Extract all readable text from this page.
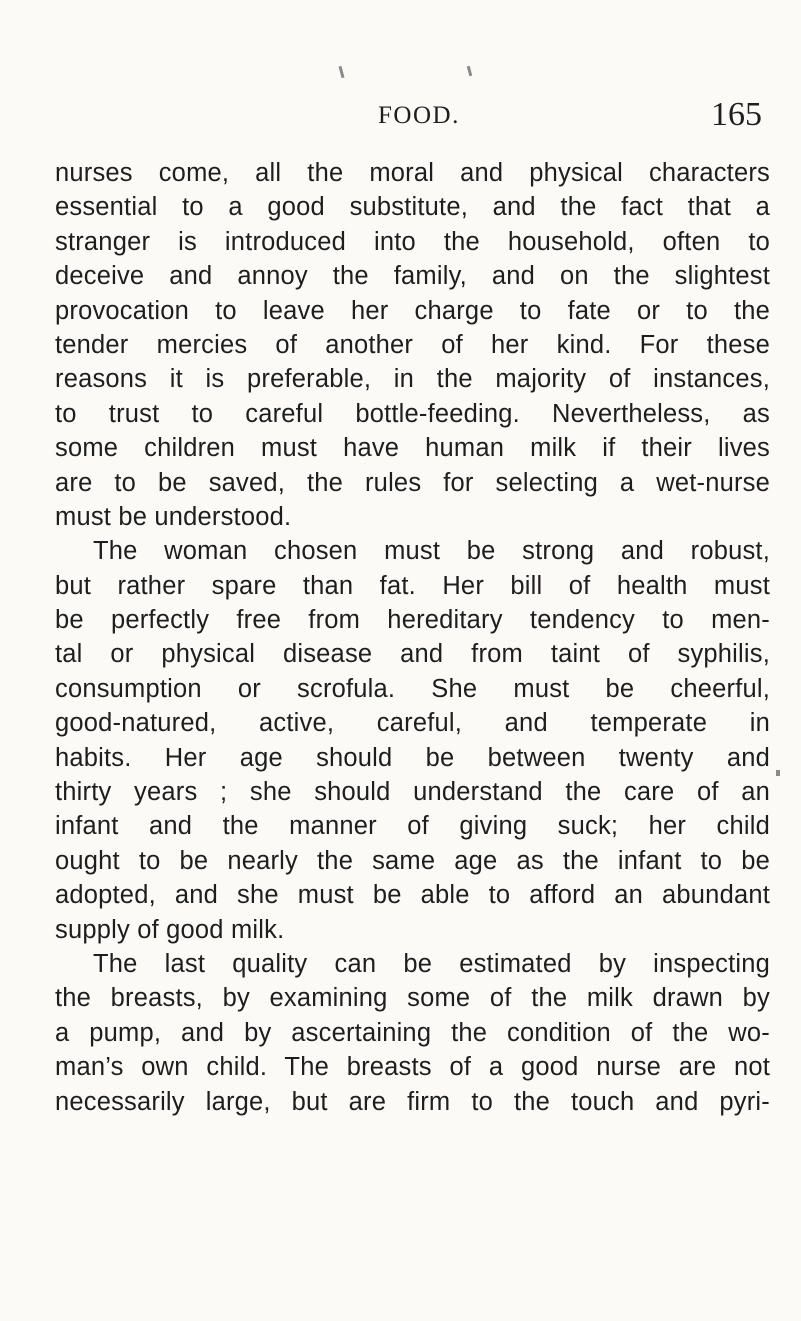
FOOD.	165
nurses come, all the moral and physical characters
essential to a good substitute, and the fact that a
stranger is introduced into the household, often to
deceive and annoy the family, and on the slightest
provocation to leave her charge to fate or to the
tender mercies of another of her kind. For these
reasons it is preferable, in the majority of instances,
to trust to careful bottle-feeding. Nevertheless, as
some children must have human milk if their lives
are to be saved, the rules for selecting a wet-nurse
must be understood.
The woman chosen must be strong and robust,
but rather spare than fat. Her bill of health must
be perfectly free from hereditary tendency to men-
tal or physical disease and from taint of syphilis,
consumption or scrofula. She must be cheerful,
good-natured, active, careful, and temperate in
habits. Her age should be between twenty and
thirty years ; she should understand the care of an
infant and the manner of giving suck; her child
ought to be nearly the same age as the infant to be
adopted, and she must be able to afford an abundant
supply of good milk.
The last quality can be estimated by inspecting
the breasts, by examining some of the milk drawn by
a pump, and by ascertaining the condition of the wo-
man’s own child. The breasts of a good nurse are not
necessarily large, but are firm to the touch and pyri-
